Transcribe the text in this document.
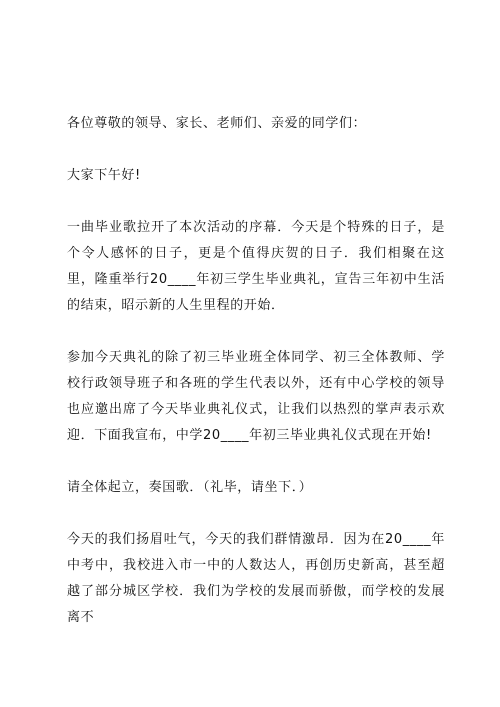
各位尊敬的领导、家长、老师们、亲爱的同学们：

大家下午好!

一曲毕业歌拉开了本次活动的序幕．今天是个特殊的日子，是个令人感怀的日子，更是个值得庆贺的日子．我们相聚在这里，隆重举行20____年初三学生毕业典礼，宣告三年初中生活的结束，昭示新的人生里程的开始．

参加今天典礼的除了初三毕业班全体同学、初三全体教师、学校行政领导班子和各班的学生代表以外，还有中心学校的领导也应邀出席了今天毕业典礼仪式，让我们以热烈的掌声表示欢迎．下面我宣布，中学20____年初三毕业典礼仪式现在开始!

请全体起立，奏国歌．（礼毕，请坐下．）

今天的我们扬眉吐气，今天的我们群情激昂．因为在20____年中考中，我校进入市一中的人数达人，再创历史新高，甚至超越了部分城区学校．我们为学校的发展而骄傲，而学校的发展离不
